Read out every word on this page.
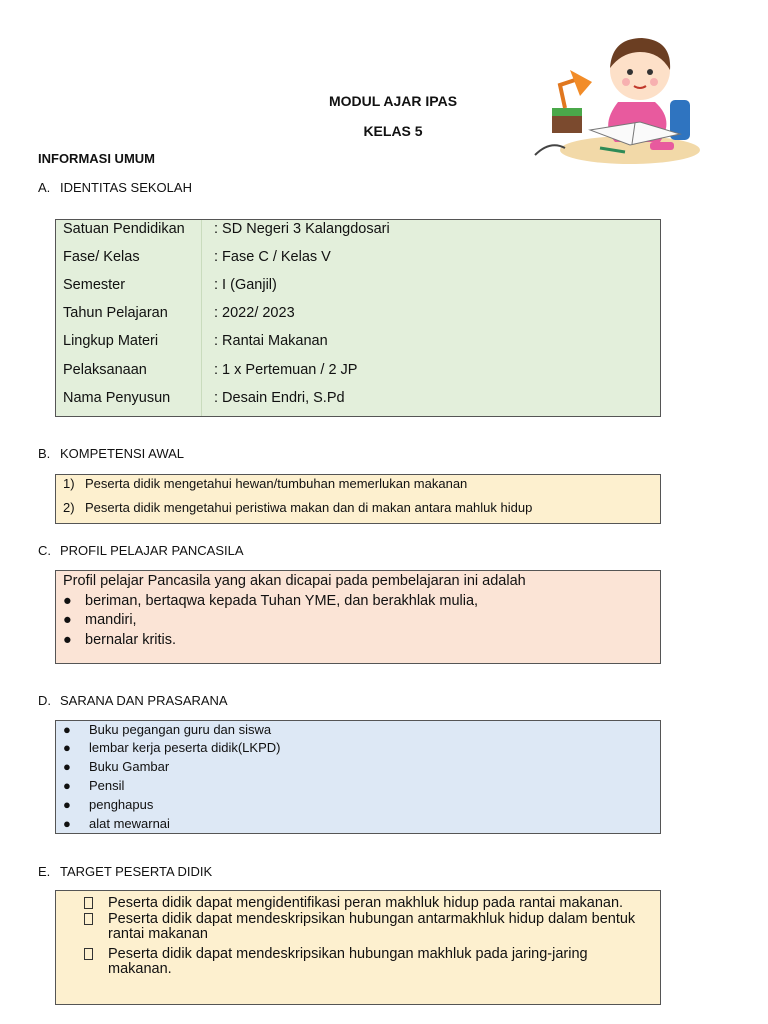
MODUL AJAR IPAS
KELAS 5
INFORMASI UMUM
A. IDENTITAS SEKOLAH
Satuan Pendidikan : SD Negeri 3 Kalangdosari
Fase/ Kelas	: Fase C / Kelas V
Semester	: I (Ganjil)
Tahun Pelajaran	: 2022/ 2023
Lingkup Materi	: Rantai Makanan
Pelaksanaan	: 1 x Pertemuan / 2 JP
Nama Penyusun	: Desain Endri, S.Pd
B. KOMPETENSI AWAL
1) Peserta didik mengetahui hewan/tumbuhan memerlukan makanan
2) Peserta didik mengetahui peristiwa makan dan di makan antara mahluk hidup
C. PROFIL PELAJAR PANCASILA
Profil pelajar Pancasila yang akan dicapai pada pembelajaran ini adalah
● beriman, bertaqwa kepada Tuhan YME, dan berakhlak mulia,
● mandiri,
● bernalar kritis.
D. SARANA DAN PRASARANA
● Buku pegangan guru dan siswa
● lembar kerja peserta didik(LKPD)
● Buku Gambar
● Pensil
● penghapus
● alat mewarnai
E. TARGET PESERTA DIDIK
Peserta didik dapat mengidentifikasi peran makhluk hidup pada rantai makanan.
Peserta didik dapat mendeskripsikan hubungan antarmakhluk hidup dalam bentuk rantai makanan
Peserta didik dapat mendeskripsikan hubungan makhluk pada jaring-jaring makanan.
